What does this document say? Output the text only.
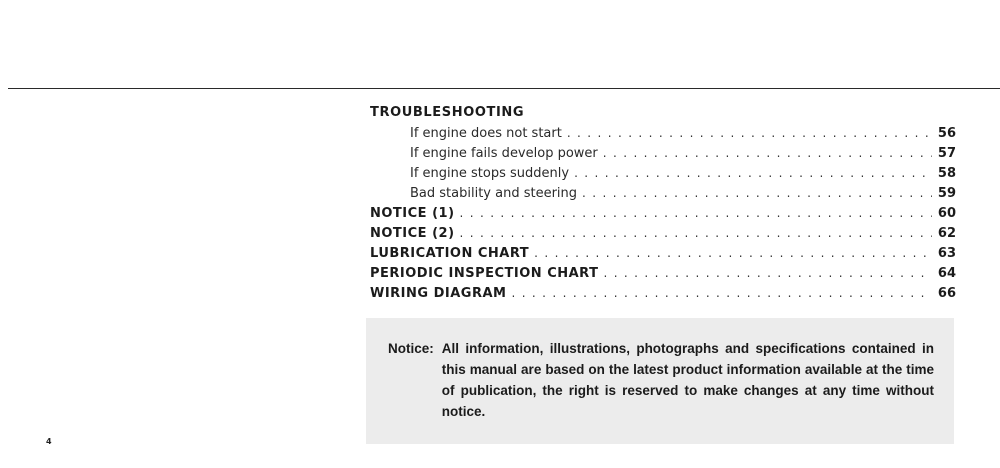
TROUBLESHOOTING
If engine does not start . . .	56
If engine fails develop power . . .	57
If engine stops suddenly . . .	58
Bad stability and steering . . .	59
NOTICE (1) . . .	60
NOTICE (2) . . .	62
LUBRICATION CHART . . .	63
PERIODIC INSPECTION CHART . . .	64
WIRING DIAGRAM . . .	66
Notice: All information, illustrations, photographs and specifications contained in this manual are based on the latest product information available at the time of publication, the right is reserved to make changes at any time without notice.
4
